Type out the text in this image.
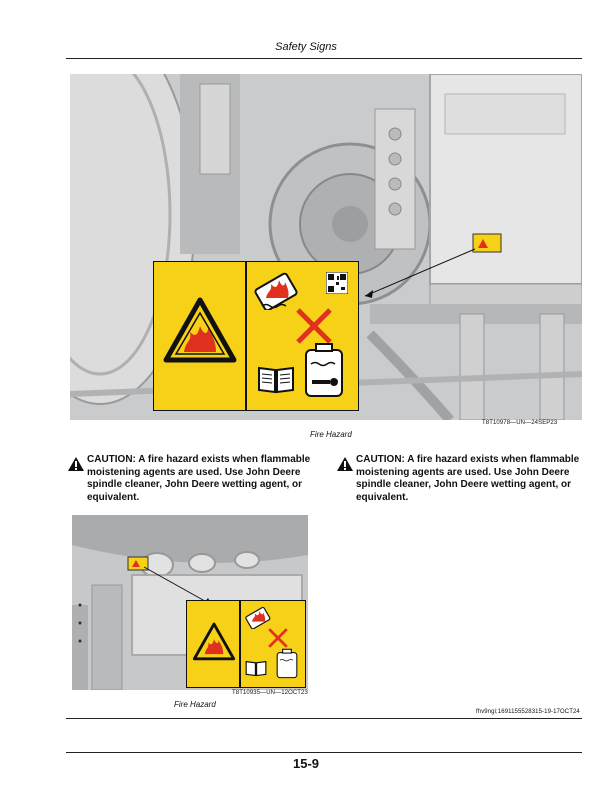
Safety Signs
T8T10978—UN—24SEP23
Fire Hazard
CAUTION: A fire hazard exists when flammable moistening agents are used. Use John Deere spindle cleaner, John Deere wetting agent, or equivalent.
CAUTION: A fire hazard exists when flammable moistening agents are used. Use John Deere spindle cleaner, John Deere wetting agent, or equivalent.
T8T10935—UN—12OCT23
Fire Hazard
fhv9ngi;1691155528315-19-17OCT24
15-9
